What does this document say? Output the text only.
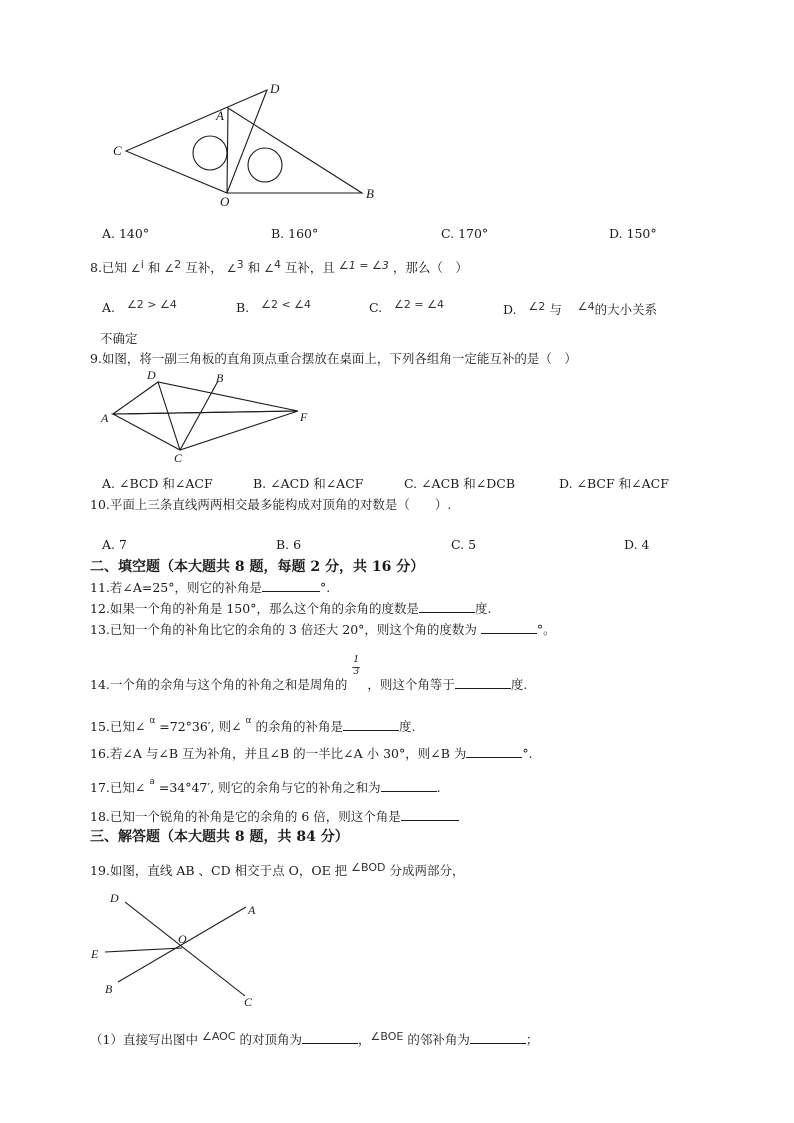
D
A
C
O
B
A. 140°	B. 160°	C. 170°	D. 150°
8.已知 ∠i 和 ∠2 互补， ∠3 和 ∠4 互补，且 ∠1 = ∠3 ，那么（　）
A. ∠2 > ∠4	B. ∠2 < ∠4	C. ∠2 = ∠4	D. ∠2 与 ∠4的大小关系
不确定
9.如图，将一副三角板的直角顶点重合摆放在桌面上，下列各组角一定能互补的是（　）
D	B
A	F
C
A. ∠BCD 和∠ACF	B. ∠ACD 和∠ACF	C. ∠ACB 和∠DCB	D. ∠BCF 和∠ACF
10.平面上三条直线两两相交最多能构成对顶角的对数是（　　）.
A. 7	B. 6	C. 5	D. 4
二、填空题（本大题共 8 题，每题 2 分，共 16 分）
11.若∠A=25°，则它的补角是	°.
12.如果一个角的补角是 150°，那么这个角的余角的度数是	度.
13.已知一个角的补角比它的余角的 3 倍还大 20°，则这个角的度数为	°。
14.一个角的余角与这个角的补角之和是周角的 $\frac{1}{3}$ ，则这个角等于	度.
15.已知∠ $^\alpha$ =72°36′, 则∠ $^\alpha$ 的余角的补角是	度.
16.若∠A 与∠B 互为补角，并且∠B 的一半比∠A 小 30°，则∠B 为	°.
17.已知∠ $^a$ =34°47′, 则它的余角与它的补角之和为	.
18.已知一个锐角的补角是它的余角的 6 倍，则这个角是
三、解答题（本大题共 8 题，共 84 分）
19.如图，直线 AB 、CD 相交于点 O，OE 把 ∠BOD 分成两部分，
D
A
O
E
B
C
（1）直接写出图中 ∠AOC 的对顶角为	，∠BOE 的邻补角为	；
